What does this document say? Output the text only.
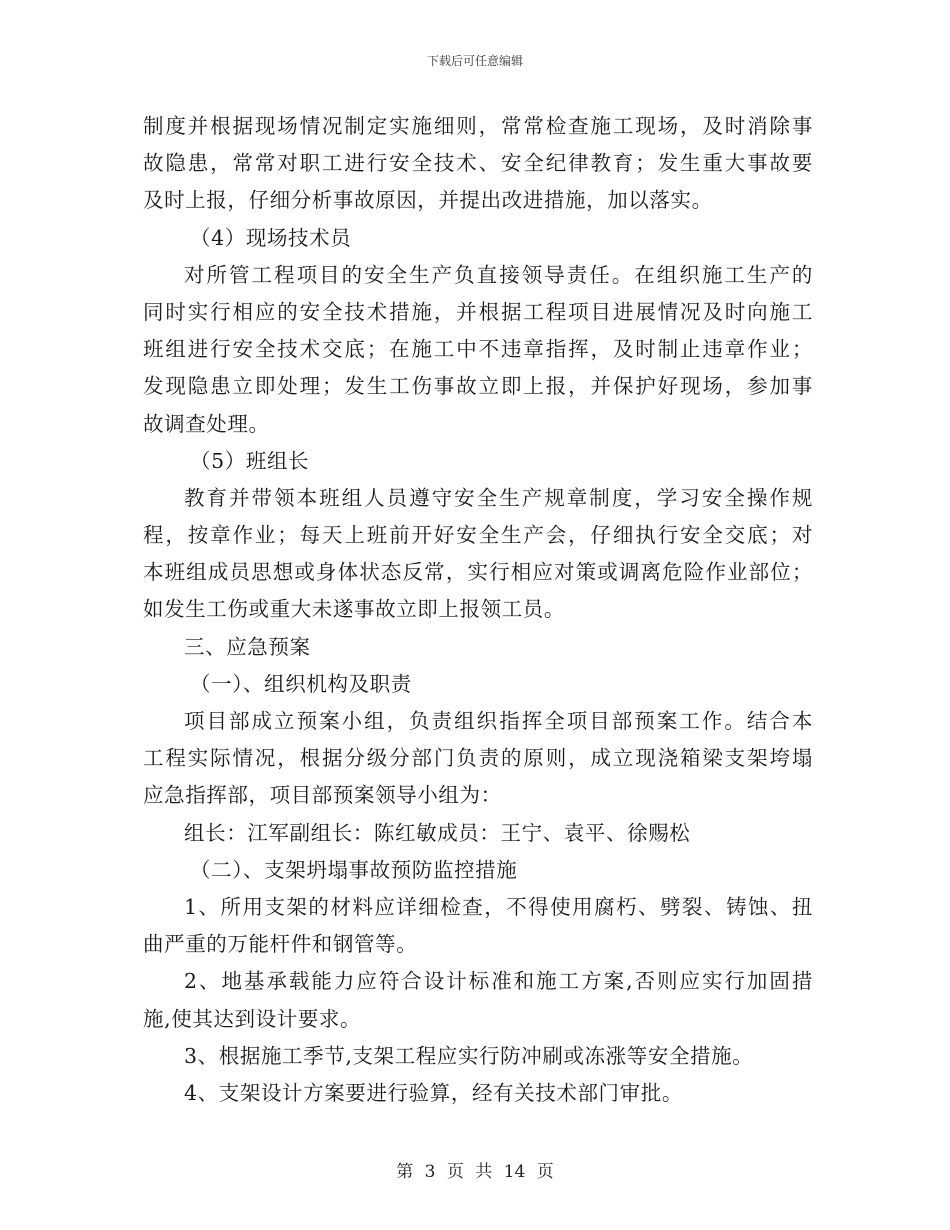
下载后可任意编辑
制度并根据现场情况制定实施细则，常常检查施工现场，及时消除事
故隐患，常常对职工进行安全技术、安全纪律教育；发生重大事故要
及时上报，仔细分析事故原因，并提出改进措施，加以落实。
（4）现场技术员
对所管工程项目的安全生产负直接领导责任。在组织施工生产的
同时实行相应的安全技术措施，并根据工程项目进展情况及时向施工
班组进行安全技术交底；在施工中不违章指挥，及时制止违章作业；
发现隐患立即处理；发生工伤事故立即上报，并保护好现场，参加事
故调查处理。
（5）班组长
教育并带领本班组人员遵守安全生产规章制度，学习安全操作规
程，按章作业；每天上班前开好安全生产会，仔细执行安全交底；对
本班组成员思想或身体状态反常，实行相应对策或调离危险作业部位；
如发生工伤或重大未遂事故立即上报领工员。
三、应急预案
（一）、组织机构及职责
项目部成立预案小组，负责组织指挥全项目部预案工作。结合本
工程实际情况，根据分级分部门负责的原则，成立现浇箱梁支架垮塌
应急指挥部，项目部预案领导小组为：
组长：江军副组长：陈红敏成员：王宁、袁平、徐赐松
（二）、支架坍塌事故预防监控措施
1、所用支架的材料应详细检查，不得使用腐朽、劈裂、铸蚀、扭
曲严重的万能杆件和钢管等。
2、地基承载能力应符合设计标准和施工方案,否则应实行加固措
施,使其达到设计要求。
3、根据施工季节,支架工程应实行防冲刷或冻涨等安全措施。
4、支架设计方案要进行验算，经有关技术部门审批。
第 3 页 共 14 页
